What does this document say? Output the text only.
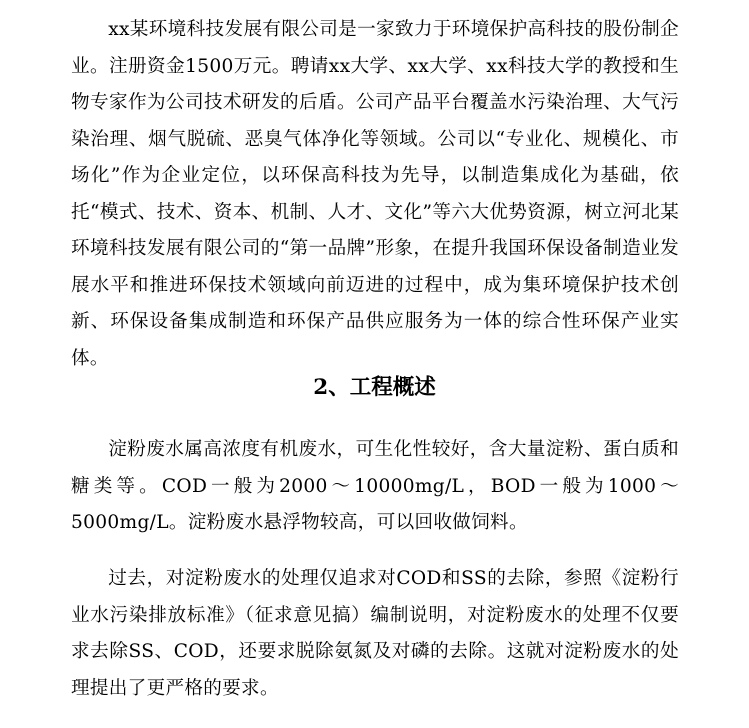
xx某环境科技发展有限公司是一家致力于环境保护高科技的股份制企业。注册资金1500万元。聘请xx大学、xx大学、xx科技大学的教授和生物专家作为公司技术研发的后盾。公司产品平台覆盖水污染治理、大气污染治理、烟气脱硫、恶臭气体净化等领域。公司以“专业化、规模化、市场化”作为企业定位，以环保高科技为先导，以制造集成化为基础，依托“模式、技术、资本、机制、人才、文化”等六大优势资源，树立河北某环境科技发展有限公司的“第一品牌”形象，在提升我国环保设备制造业发展水平和推进环保技术领域向前迈进的过程中，成为集环境保护技术创新、环保设备集成制造和环保产品供应服务为一体的综合性环保产业实体。

2、工程概述

淀粉废水属高浓度有机废水，可生化性较好，含大量淀粉、蛋白质和糖类等。COD一般为2000～10000mg/L，BOD一般为1000～5000mg/L。淀粉废水悬浮物较高，可以回收做饲料。

过去，对淀粉废水的处理仅追求对COD和SS的去除，参照《淀粉行业水污染排放标准》（征求意见搞）编制说明，对淀粉废水的处理不仅要求去除SS、COD，还要求脱除氨氮及对磷的去除。这就对淀粉废水的处理提出了更严格的要求。
